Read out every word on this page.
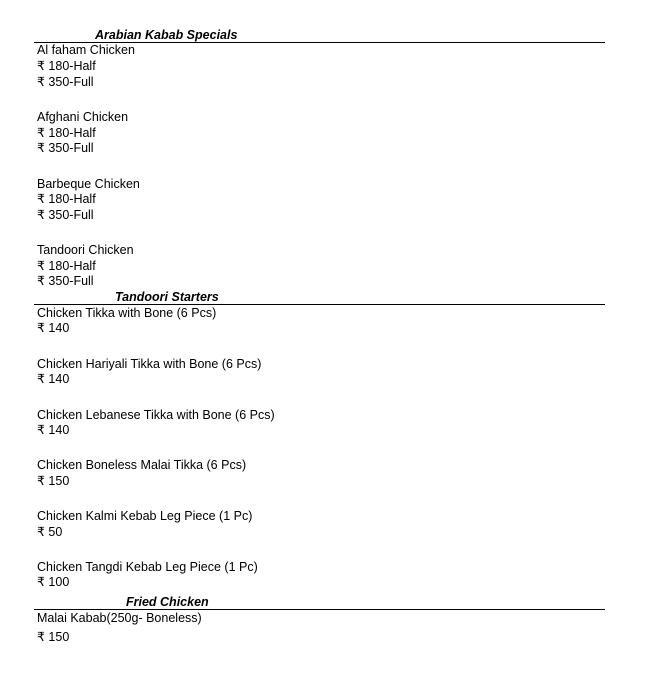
Arabian Kabab Specials
Al faham Chicken
₹ 180-Half
₹ 350-Full
Afghani Chicken
₹ 180-Half
₹ 350-Full
Barbeque Chicken
₹ 180-Half
₹ 350-Full
Tandoori Chicken
₹ 180-Half
₹ 350-Full
Tandoori Starters
Chicken Tikka with Bone (6 Pcs)
₹ 140
Chicken Hariyali Tikka with Bone (6 Pcs)
₹ 140
Chicken Lebanese Tikka with Bone (6 Pcs)
₹ 140
Chicken Boneless Malai Tikka (6 Pcs)
₹ 150
Chicken Kalmi Kebab Leg Piece (1 Pc)
₹ 50
Chicken Tangdi Kebab Leg Piece (1 Pc)
₹ 100
Fried Chicken
Malai Kabab(250g- Boneless)
₹ 150
